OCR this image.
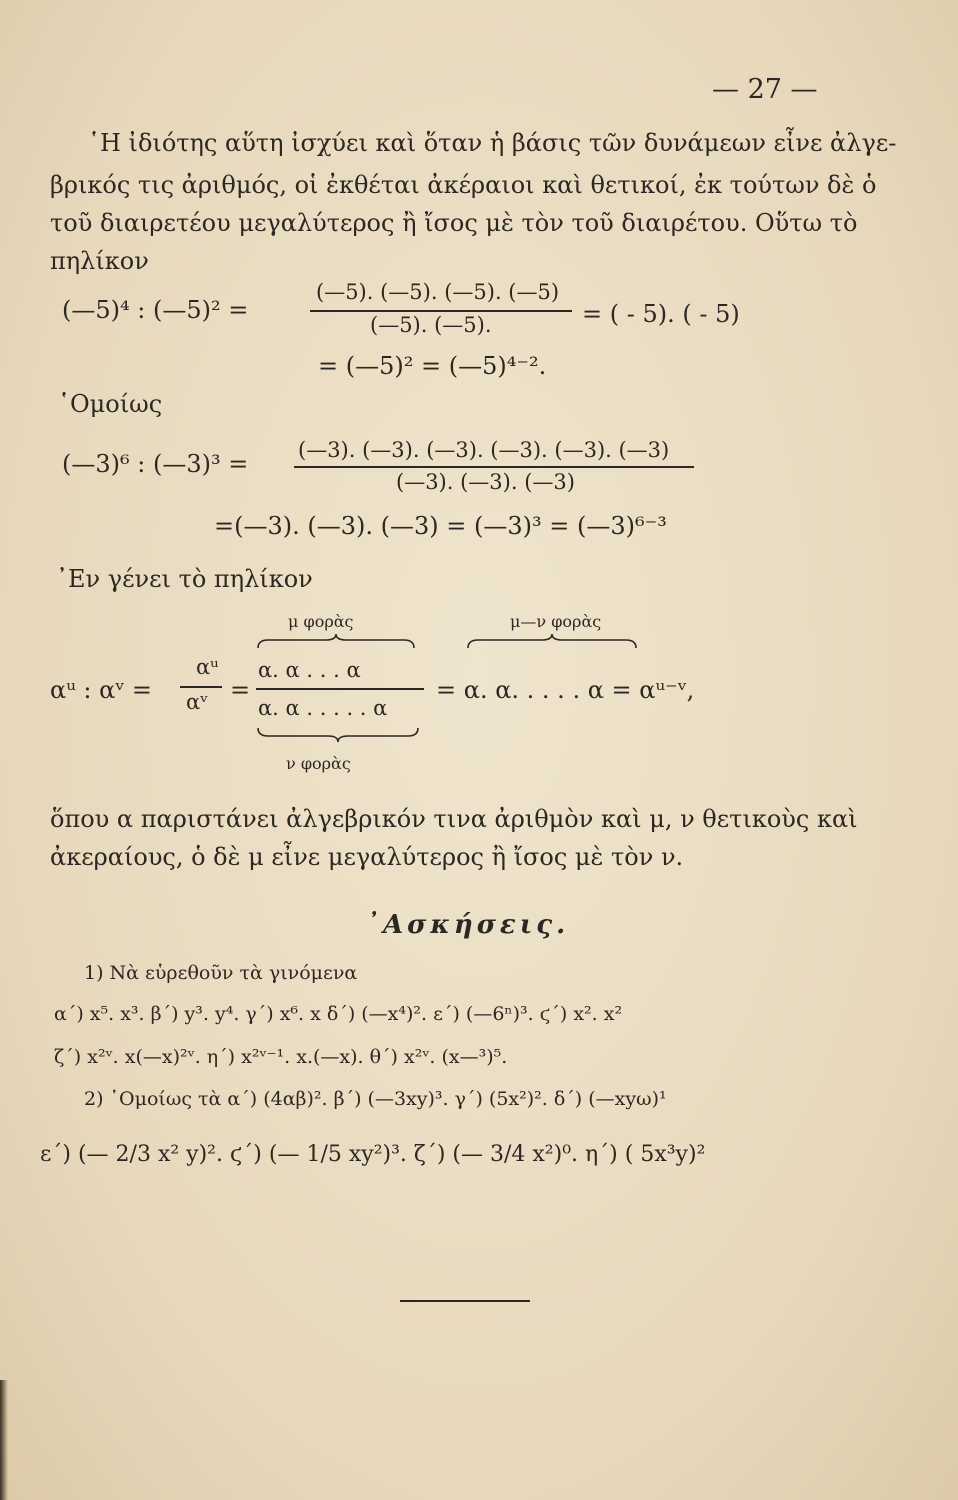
— 27 —
῾Η ἰδιότης αὕτη ἰσχύει καὶ ὅταν ἡ βάσις τῶν δυνάμεων εἶνε ἀλγε-
βρικός τις ἀριθμός, οἱ ἐκθέται ἀκέραιοι καὶ θετικοί, ἐκ τούτων δὲ ὁ
τοῦ διαιρετέου μεγαλύτερος ἢ ἴσος μὲ τὸν τοῦ διαιρέτου. Οὕτω τὸ
πηλίκον
(—5)⁴ : (—5)² =
(—5). (—5). (—5). (—5)
(—5). (—5).	= ( - 5). ( - 5)
= (—5)² = (—5)⁴⁻².
῾Ομοίως
(—3)⁶ : (—3)³ = (—3). (—3). (—3). (—3). (—3). (—3)
(—3). (—3). (—3)
=(—3). (—3). (—3) = (—3)³ = (—3)⁶⁻³
᾿Εν γένει τὸ πηλίκον
μ φορὰς	μ—ν φορὰς
αᵘ : αᵛ =
αᵘ
αᵛ =
α. α . . . α
α. α . . . . . α
= α. α. . . . . α = αᵘ⁻ᵛ,
ν φορὰς
ὅπου α παριστάνει ἀλγεβρικόν τινα ἀριθμὸν καὶ μ, ν θετικοὺς καὶ
ἀκεραίους, ὁ δὲ μ εἶνε μεγαλύτερος ἢ ἴσος μὲ τὸν ν.
᾿Ασκήσεις.
1) Νὰ εὑρεθοῦν τὰ γινόμενα
α΄) x⁵. x³. β΄) y³. y⁴. γ΄) x⁶. x δ΄) (—x⁴)². ε΄) (—6ⁿ)³. ϛ΄) x². x²
ζ΄) x²ᵛ. x(—x)²ᵛ. η΄) x²ᵛ⁻¹. x.(—x). θ΄) x²ᵛ. (x—³)⁵.
2) ῾Ομοίως τὰ α΄) (4αβ)². β΄) (—3xy)³. γ΄) (5x²)². δ΄) (—xyω)¹
ε΄) (— 2/3 x² y)². ϛ΄) (— 1/5 xy²)³. ζ΄) (— 3/4 x²)⁰. η΄) ( 5x³y)²
